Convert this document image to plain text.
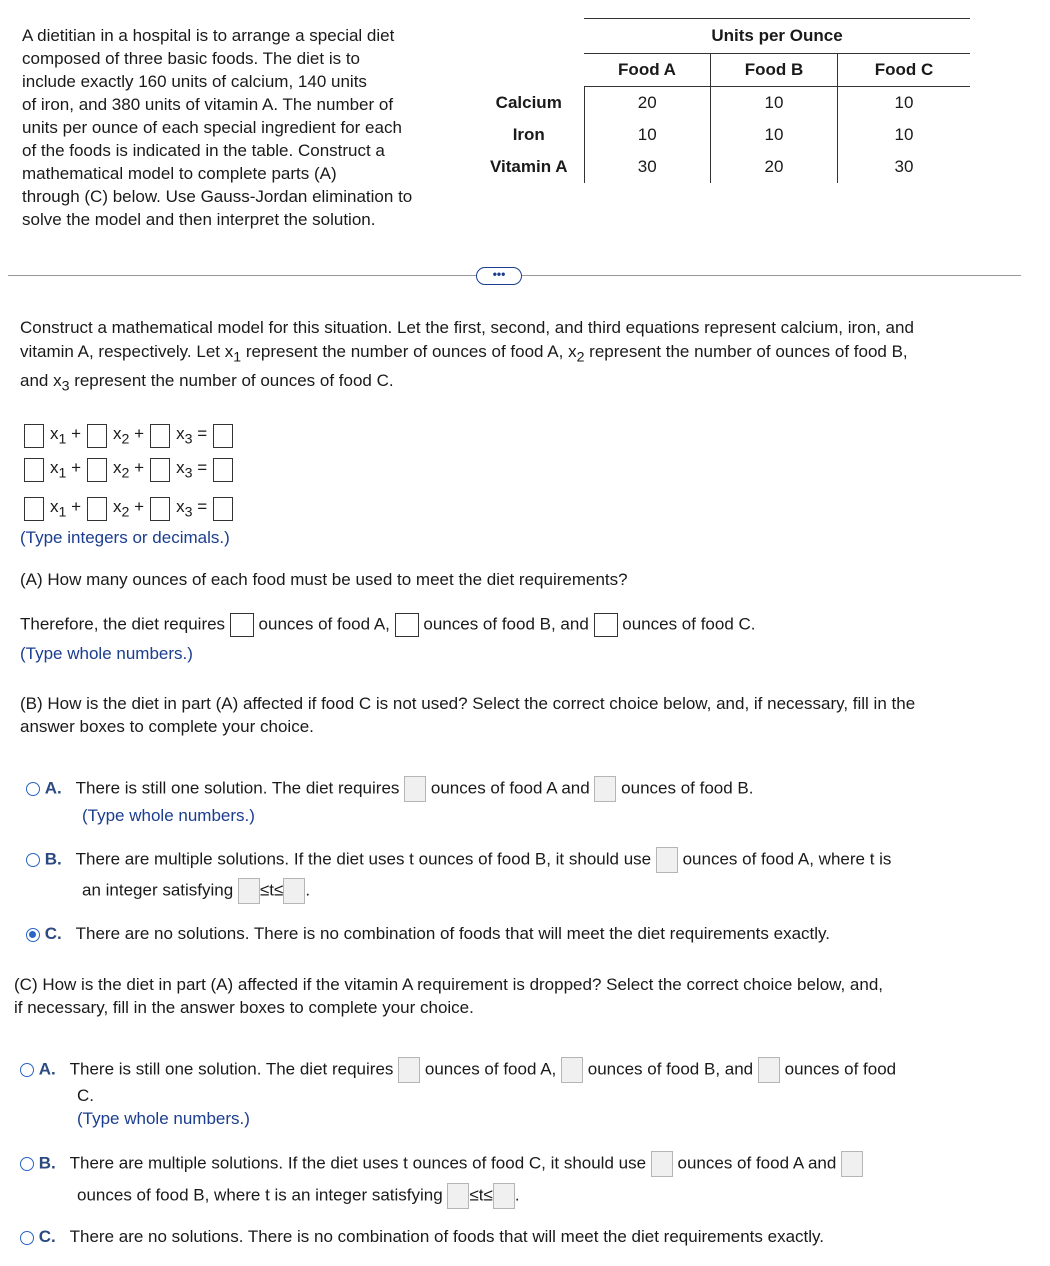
A dietitian in a hospital is to arrange a special diet
composed of three basic foods. The diet is to
include exactly 160 units of calcium, 140 units
of iron, and 380 units of vitamin A. The number of
units per ounce of each special ingredient for each
of the foods is indicated in the table. Construct a
mathematical model to complete parts (A)
through (C) below. Use Gauss-Jordan elimination to
solve the model and then interpret the solution.
	Units per Ounce		
	Food A	Food B	Food C
Calcium	20	10	10
Iron	10	10	10
Vitamin A	30	20	30
•••
Construct a mathematical model for this situation. Let the first, second, and third equations represent calcium, iron, and
vitamin A, respectively. Let $x_1$ represent the number of ounces of food A, $x_2$ represent the number of ounces of food B,
and $x_3$ represent the number of ounces of food C.
$x_1 + x_2 + x_3$ =
$x_1 + x_2 + x_3$ =
$x_1 + x_2 + x_3$ =
(Type integers or decimals.)
(A) How many ounces of each food must be used to meet the diet requirements?
Therefore, the diet requires ounces of food A, ounces of food B, and ounces of food C.
(Type whole numbers.)
(B) How is the diet in part (A) affected if food C is not used? Select the correct choice below, and, if necessary, fill in the
answer boxes to complete your choice.
A. There is still one solution. The diet requires ounces of food A and ounces of food B.
(Type whole numbers.)
B. There are multiple solutions. If the diet uses t ounces of food B, it should use ounces of food A, where t is
an integer satisfying ≤t≤ .
C. There are no solutions. There is no combination of foods that will meet the diet requirements exactly.
(C) How is the diet in part (A) affected if the vitamin A requirement is dropped? Select the correct choice below, and,
if necessary, fill in the answer boxes to complete your choice.
A. There is still one solution. The diet requires ounces of food A, ounces of food B, and ounces of food
C.
(Type whole numbers.)
B. There are multiple solutions. If the diet uses t ounces of food C, it should use ounces of food A and
ounces of food B, where t is an integer satisfying ≤t≤ .
C. There are no solutions. There is no combination of foods that will meet the diet requirements exactly.
